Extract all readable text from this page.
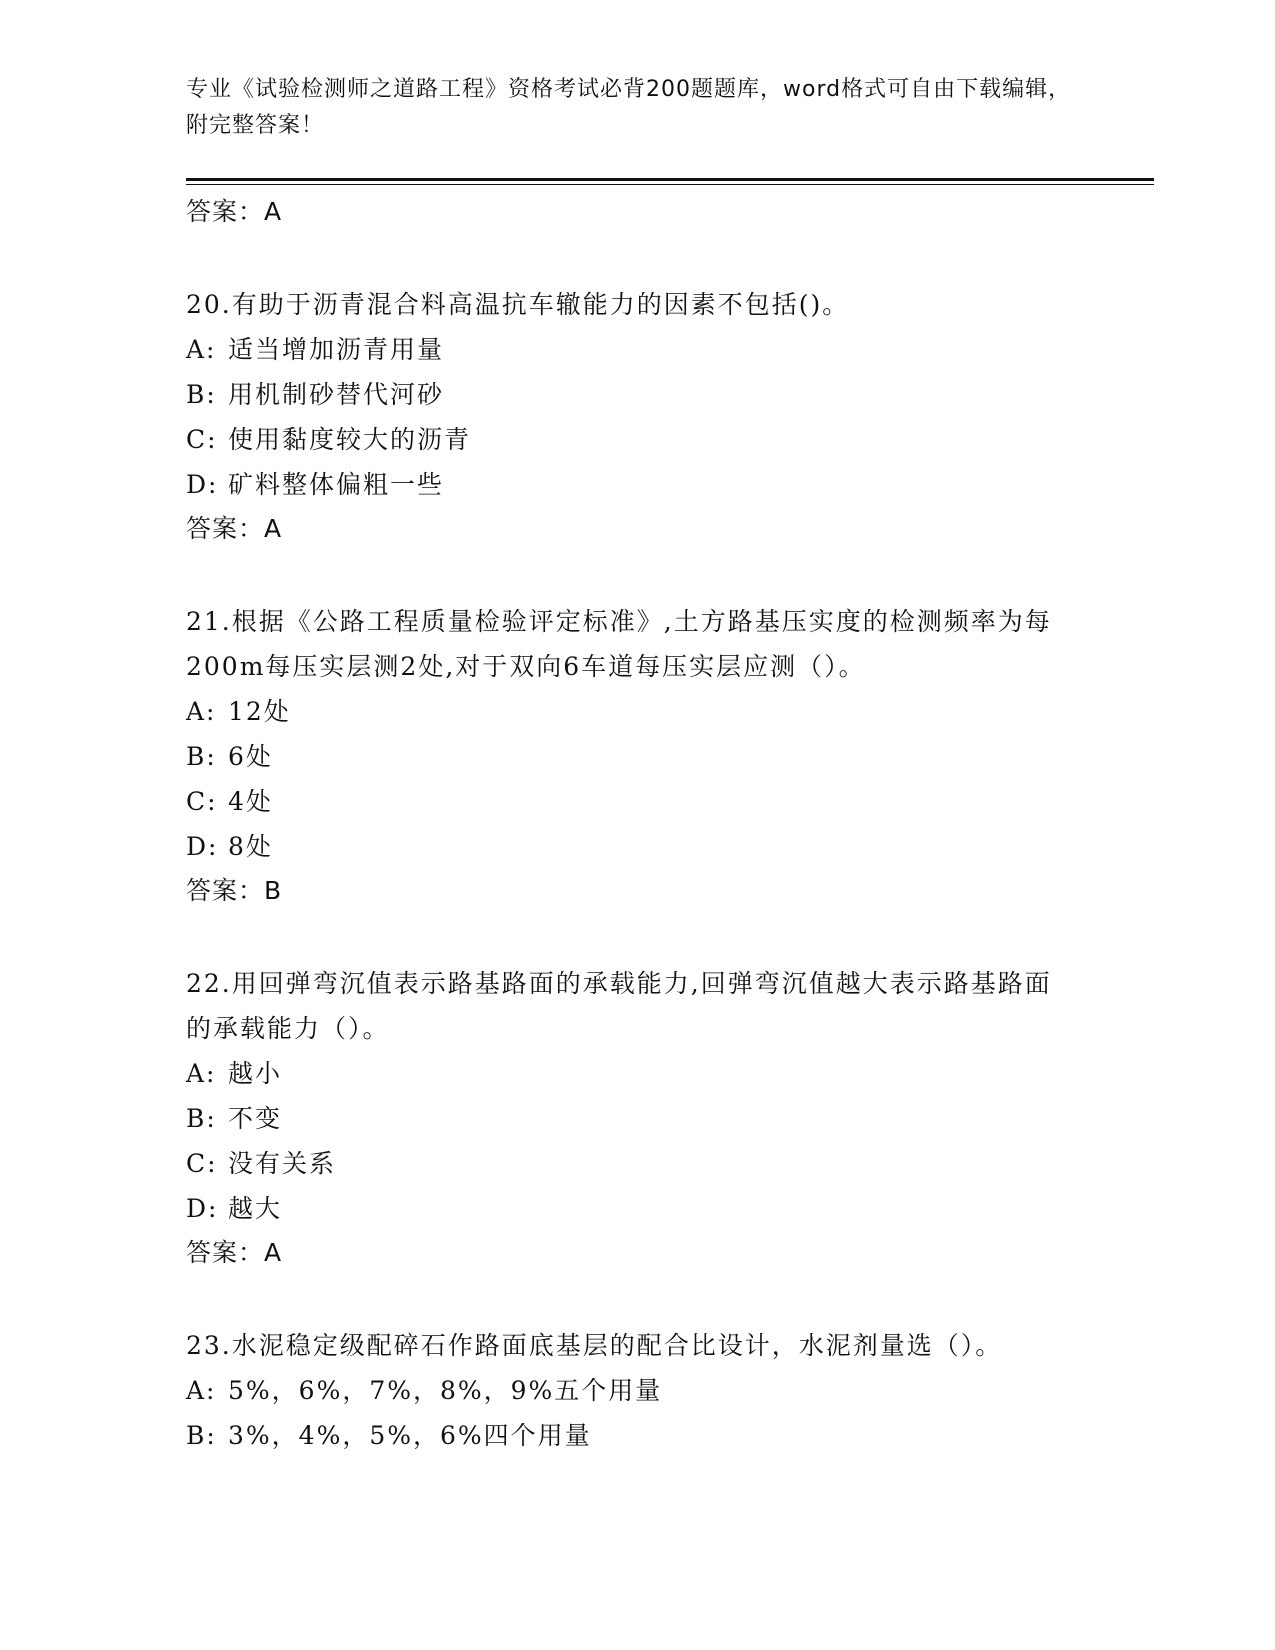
专业《试验检测师之道路工程》资格考试必背200题题库，word格式可自由下载编辑，附完整答案！

答案：A

20.有助于沥青混合料高温抗车辙能力的因素不包括()。

A: 适当增加沥青用量
B: 用机制砂替代河砂
C: 使用黏度较大的沥青
D: 矿料整体偏粗一些
答案：A

21.根据《公路工程质量检验评定标准》,土方路基压实度的检测频率为每200m每压实层测2处,对于双向6车道每压实层应测（）。

A: 12处
B: 6处
C: 4处
D: 8处
答案：B

22.用回弹弯沉值表示路基路面的承载能力,回弹弯沉值越大表示路基路面的承载能力（）。

A: 越小
B: 不变
C: 没有关系
D: 越大
答案：A

23.水泥稳定级配碎石作路面底基层的配合比设计，水泥剂量选（）。

A: 5%，6%，7%，8%，9%五个用量
B: 3%，4%，5%，6%四个用量
